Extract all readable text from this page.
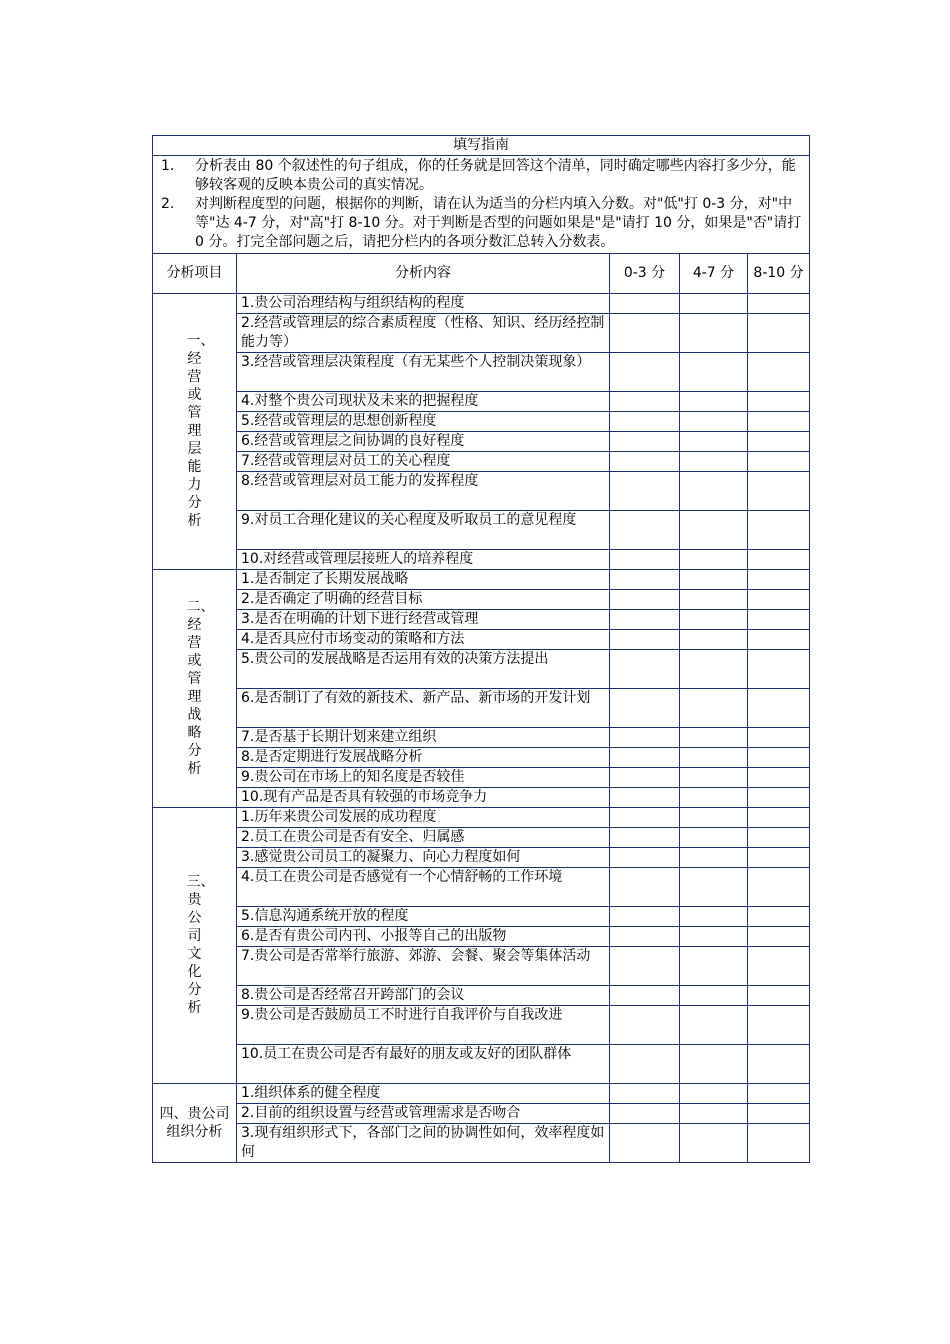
填写指南				

1. 分析表由 80 个叙述性的句子组成，你的任务就是回答这个清单，同时确定哪些内容打多少分，能够较客观的反映本贵公司的真实情况。
2. 对判断程度型的问题，根据你的判断，请在认为适当的分栏内填入分数。对"低"打 0-3 分，对"中等"达 4-7 分，对"高"打 8-10 分。对于判断是否型的问题如果是"是"请打 10 分，如果是"否"请打 0 分。打完全部问题之后，请把分栏内的各项分数汇总转入分数表。				

分析项目	分析内容	0-3 分	4-7 分	8-10 分
一、经营或管理层能力分析	1.贵公司治理结构与组织结构的程度			
	2.经营或管理层的综合素质程度（性格、知识、经历经控制能力等）			
	3.经营或管理层决策程度（有无某些个人控制决策现象）			
	4.对整个贵公司现状及未来的把握程度			
	5.经营或管理层的思想创新程度			
	6.经营或管理层之间协调的良好程度			
	7.经营或管理层对员工的关心程度			
	8.经营或管理层对员工能力的发挥程度			
	9.对员工合理化建议的关心程度及听取员工的意见程度			
	10.对经营或管理层接班人的培养程度			
二、经营或管理战略分析	1.是否制定了长期发展战略			
	2.是否确定了明确的经营目标			
	3.是否在明确的计划下进行经营或管理			
	4.是否具应付市场变动的策略和方法			
	5.贵公司的发展战略是否运用有效的决策方法提出			
	6.是否制订了有效的新技术、新产品、新市场的开发计划			
	7.是否基于长期计划来建立组织			
	8.是否定期进行发展战略分析			
	9.贵公司在市场上的知名度是否较佳			
	10.现有产品是否具有较强的市场竞争力			
三、贵公司文化分析	1.历年来贵公司发展的成功程度			
	2.员工在贵公司是否有安全、归属感			
	3.感觉贵公司员工的凝聚力、向心力程度如何			
	4.员工在贵公司是否感觉有一个心情舒畅的工作环境			
	5.信息沟通系统开放的程度			
	6.是否有贵公司内刊、小报等自己的出版物			
	7.贵公司是否常举行旅游、郊游、会餐、聚会等集体活动			
	8.贵公司是否经常召开跨部门的会议			
	9.贵公司是否鼓励员工不时进行自我评价与自我改进			
	10.员工在贵公司是否有最好的朋友或友好的团队群体			
四、贵公司组织分析	1.组织体系的健全程度			
	2.目前的组织设置与经营或管理需求是否吻合			
	3.现有组织形式下，各部门之间的协调性如何，效率程度如何			
